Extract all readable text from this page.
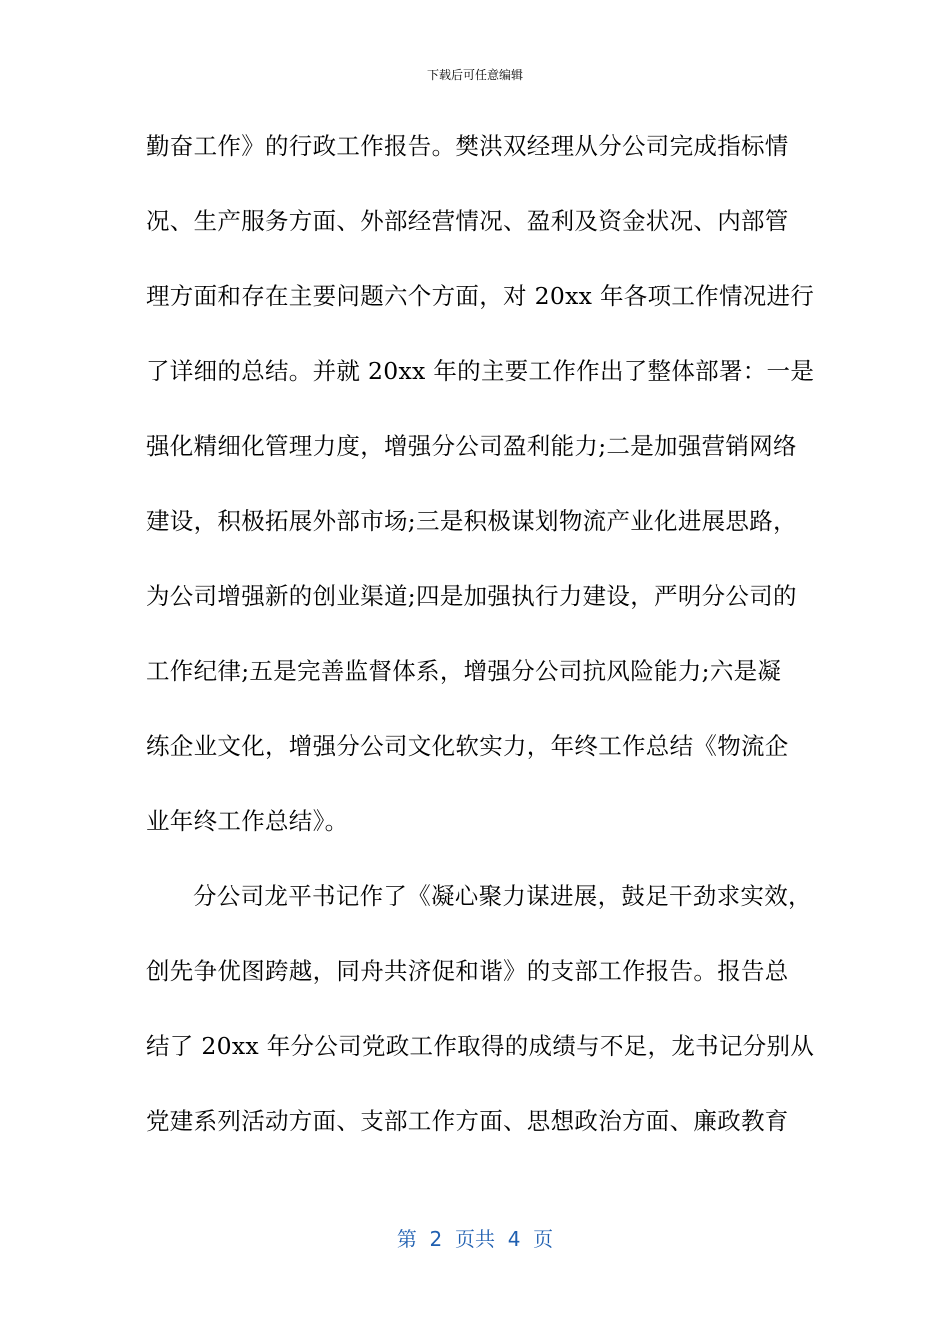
下载后可任意编辑
勤奋工作》的行政工作报告。樊洪双经理从分公司完成指标情
况、生产服务方面、外部经营情况、盈利及资金状况、内部管
理方面和存在主要问题六个方面，对 20xx 年各项工作情况进行
了详细的总结。并就 20xx 年的主要工作作出了整体部署：一是
强化精细化管理力度，增强分公司盈利能力;二是加强营销网络
建设，积极拓展外部市场;三是积极谋划物流产业化进展思路，
为公司增强新的创业渠道;四是加强执行力建设，严明分公司的
工作纪律;五是完善监督体系，增强分公司抗风险能力;六是凝
练企业文化，增强分公司文化软实力，年终工作总结《物流企
业年终工作总结》。
分公司龙平书记作了《凝心聚力谋进展，鼓足干劲求实效，
创先争优图跨越，同舟共济促和谐》的支部工作报告。报告总
结了 20xx 年分公司党政工作取得的成绩与不足，龙书记分别从
党建系列活动方面、支部工作方面、思想政治方面、廉政教育
第  2  页共  4  页
